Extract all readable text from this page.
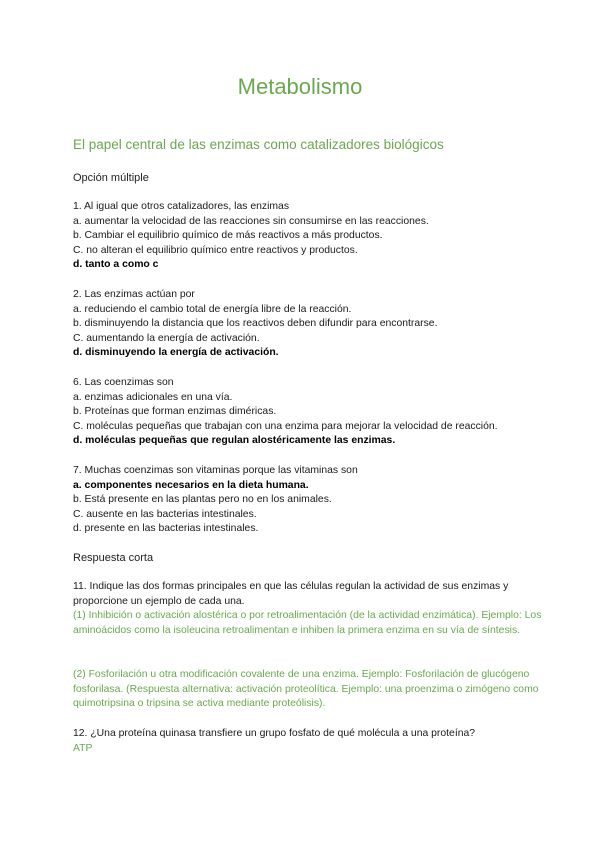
Metabolismo
El papel central de las enzimas como catalizadores biológicos
Opción múltiple
1. Al igual que otros catalizadores, las enzimas
a. aumentar la velocidad de las reacciones sin consumirse en las reacciones.
b. Cambiar el equilibrio químico de más reactivos a más productos.
C. no alteran el equilibrio químico entre reactivos y productos.
d. tanto a como c
2. Las enzimas actúan por
a. reduciendo el cambio total de energía libre de la reacción.
b. disminuyendo la distancia que los reactivos deben difundir para encontrarse.
C. aumentando la energía de activación.
d. disminuyendo la energía de activación.
6. Las coenzimas son
a. enzimas adicionales en una vía.
b. Proteínas que forman enzimas diméricas.
C. moléculas pequeñas que trabajan con una enzima para mejorar la velocidad de reacción.
d. moléculas pequeñas que regulan alostéricamente las enzimas.
7. Muchas coenzimas son vitaminas porque las vitaminas son
a. componentes necesarios en la dieta humana.
b. Está presente en las plantas pero no en los animales.
C. ausente en las bacterias intestinales.
d. presente en las bacterias intestinales.
Respuesta corta
11. Indique las dos formas principales en que las células regulan la actividad de sus enzimas y proporcione un ejemplo de cada una.
(1) Inhibición o activación alostérica o por retroalimentación (de la actividad enzimática). Ejemplo: Los aminoácidos como la isoleucina retroalimentan e inhiben la primera enzima en su vía de síntesis.
(2) Fosforilación u otra modificación covalente de una enzima. Ejemplo: Fosforilación de glucógeno fosforilasa. (Respuesta alternativa: activación proteolítica. Ejemplo: una proenzima o zimógeno como quimotripsina o tripsina se activa mediante proteólisis).
12. ¿Una proteína quinasa transfiere un grupo fosfato de qué molécula a una proteína?
ATP
